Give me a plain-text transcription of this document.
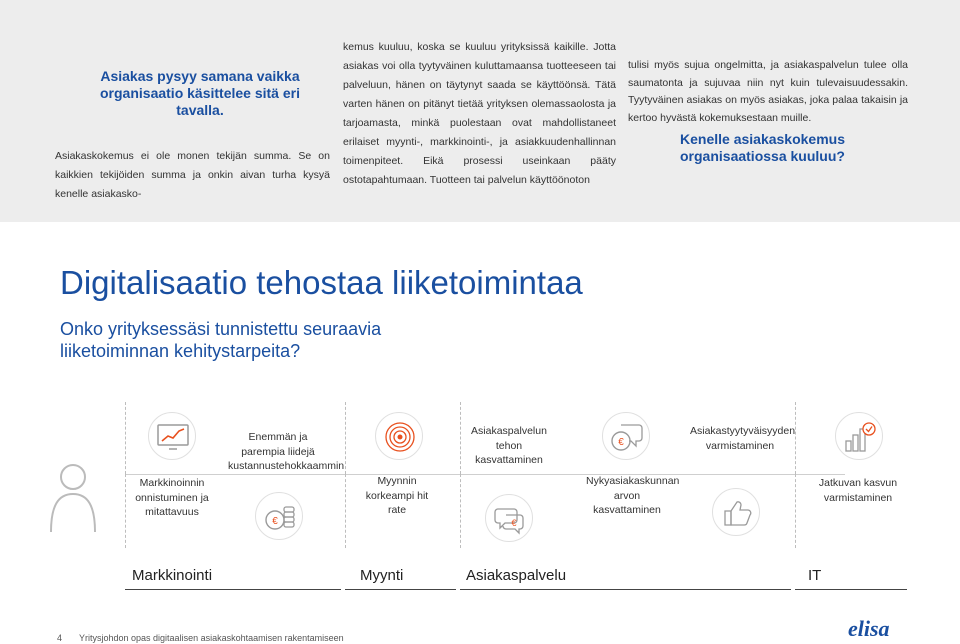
Asiakas pysyy samana vaikka organisaatio käsittelee sitä eri tavalla.
Asiakaskokemus ei ole monen tekijän summa. Se on kaikkien tekijöiden summa ja onkin aivan turha kysyä kenelle asiakasko-
kemus kuuluu, koska se kuuluu yrityksissä kaikille. Jotta asiakas voi olla tyytyväinen kuluttamaansa tuotteeseen tai palveluun, hänen on täytynyt saada se käyttöönsä. Tätä varten hänen on pitänyt tietää yrityksen olemassaolosta ja tarjoamasta, minkä puolestaan ovat mahdollistaneet erilaiset myynti-, markkinointi-, ja asiakkuudenhallinnan toimenpiteet. Eikä prosessi useinkaan pääty ostotapahtumaan. Tuotteen tai palvelun käyttöönoton
tulisi myös sujua ongelmitta, ja asiakaspalvelun tulee olla saumatonta ja sujuvaa niin nyt kuin tulevaisuudessakin. Tyytyväinen asiakas on myös asiakas, joka palaa takaisin ja kertoo hyvästä kokemuksestaan muille.
Kenelle asiakaskokemus organisaatiossa kuuluu?
Digitalisaatio tehostaa liiketoimintaa
Onko yrityksessäsi tunnistettu seuraavia liiketoiminnan kehitystarpeita?
€
€
€
Enemmän ja parempia liidejä kustannustehokkaammin
Asiakaspalvelun tehon kasvattaminen
Asiakastyytyväisyyden varmistaminen
Markkinoinnin onnistuminen ja mitattavuus
Myynnin korkeampi hit rate
Nykyasiakaskunnan arvon kasvattaminen
Jatkuvan kasvun varmistaminen
Markkinointi	Myynti	Asiakaspalvelu	IT
4 Yritysjohdon opas digitaalisen asiakaskohtaamisen rakentamiseen	elisa
